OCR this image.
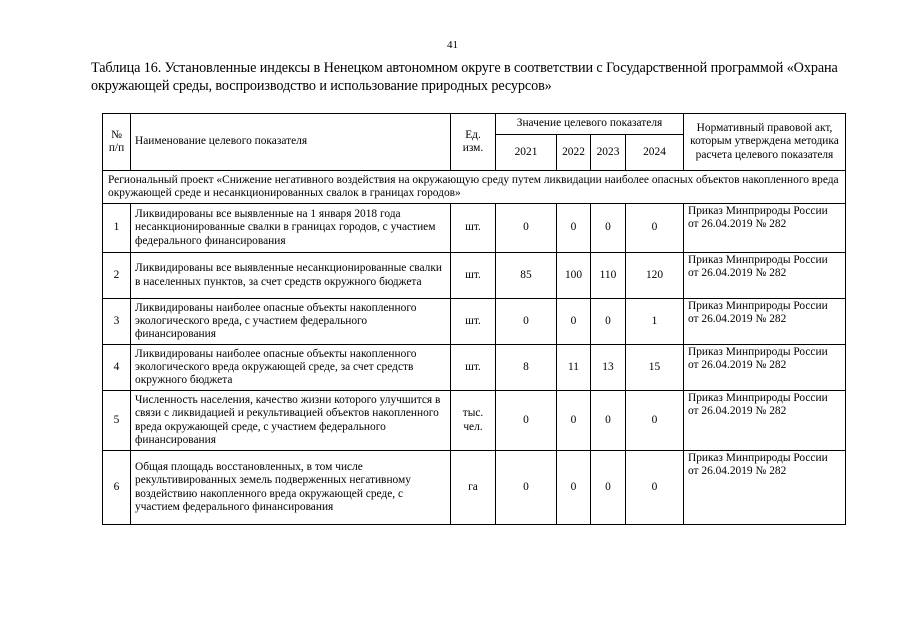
41
Таблица 16. Установленные индексы в Ненецком автономном округе в соответствии с Государственной программой «Охрана окружающей среды, воспроизводство и использование природных ресурсов»
№ п/п	Наименование целевого показателя	Ед. изм.	Значение целевого показателя				Нормативный правовой акт, которым утверждена методика расчета целевого показателя
			2021	2022	2023	2024	
Региональный проект «Снижение негативного воздействия на окружающую среду путем ликвидации наиболее опасных объектов накопленного вреда окружающей среде и несанкционированных свалок в границах городов»							
1	Ликвидированы все выявленные на 1 января 2018 года несанкционированные свалки в границах городов, с участием федерального финансирования	шт.	0	0	0	0	Приказ Минприроды России от 26.04.2019 № 282
2	Ликвидированы все выявленные несанкционированные свалки в населенных пунктов, за счет средств окружного бюджета	шт.	85	100	110	120	Приказ Минприроды России от 26.04.2019 № 282
3	Ликвидированы наиболее опасные объекты накопленного экологического вреда, с участием федерального финансирования	шт.	0	0	0	1	Приказ Минприроды России от 26.04.2019 № 282
4	Ликвидированы наиболее опасные объекты накопленного экологического вреда окружающей среде, за счет средств окружного бюджета	шт.	8	11	13	15	Приказ Минприроды России от 26.04.2019 № 282
5	Численность населения, качество жизни которого улучшится в связи с ликвидацией и рекультивацией объектов накопленного вреда окружающей среде, с участием федерального финансирования	тыс. чел.	0	0	0	0	Приказ Минприроды России от 26.04.2019 № 282
6	Общая площадь восстановленных, в том числе рекультивированных земель подверженных негативному воздействию накопленного вреда окружающей среде, с участием федерального финансирования	га	0	0	0	0	Приказ Минприроды России от 26.04.2019 № 282
